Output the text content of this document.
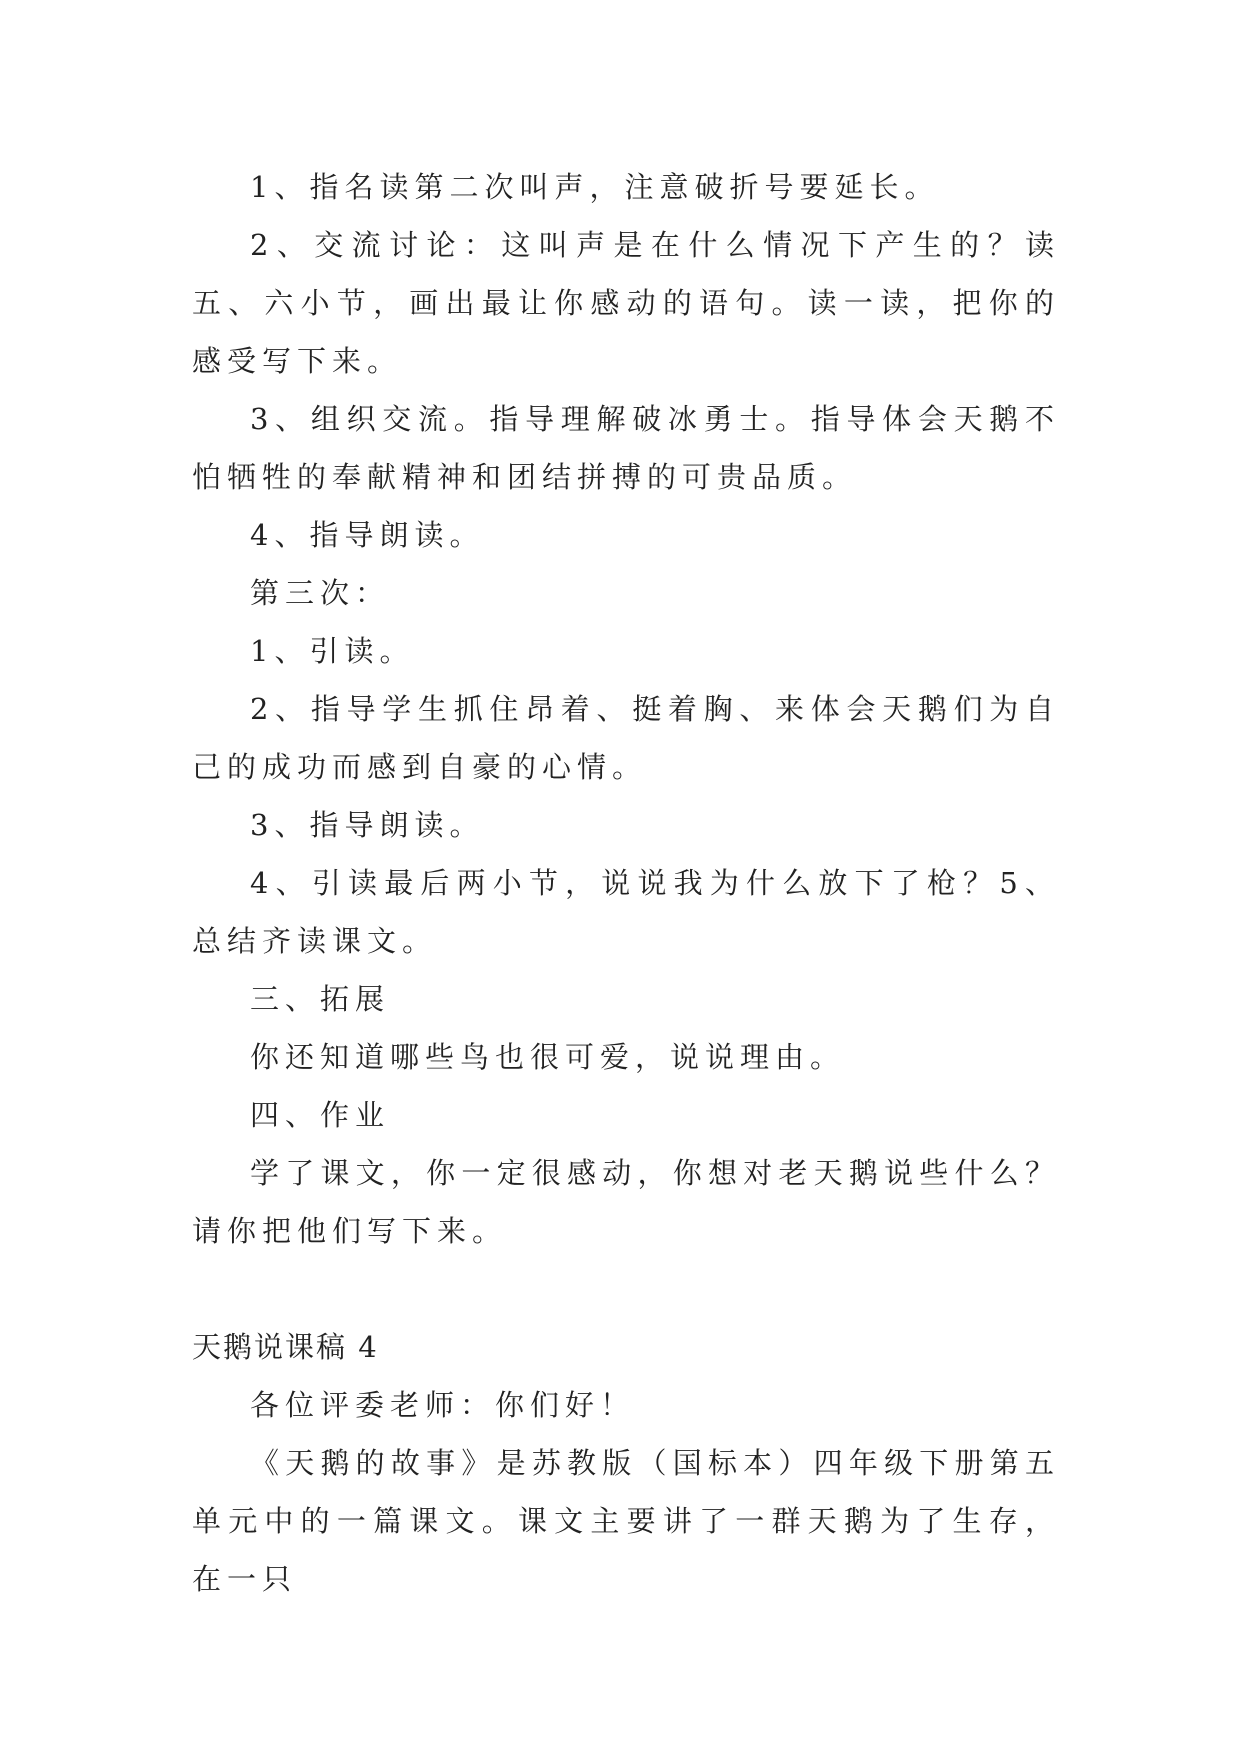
1、指名读第二次叫声，注意破折号要延长。

2、交流讨论：这叫声是在什么情况下产生的？读五、六小节，画出最让你感动的语句。读一读，把你的感受写下来。

3、组织交流。指导理解破冰勇士。指导体会天鹅不怕牺牲的奉献精神和团结拼搏的可贵品质。

4、指导朗读。

第三次：

1、引读。

2、指导学生抓住昂着、挺着胸、来体会天鹅们为自己的成功而感到自豪的心情。

3、指导朗读。

4、引读最后两小节，说说我为什么放下了枪？5、总结齐读课文。

三、拓展

你还知道哪些鸟也很可爱，说说理由。

四、作业

学了课文，你一定很感动，你想对老天鹅说些什么？请你把他们写下来。

天鹅说课稿 4

各位评委老师：你们好！

《天鹅的故事》是苏教版（国标本）四年级下册第五单元中的一篇课文。课文主要讲了一群天鹅为了生存，在一只
